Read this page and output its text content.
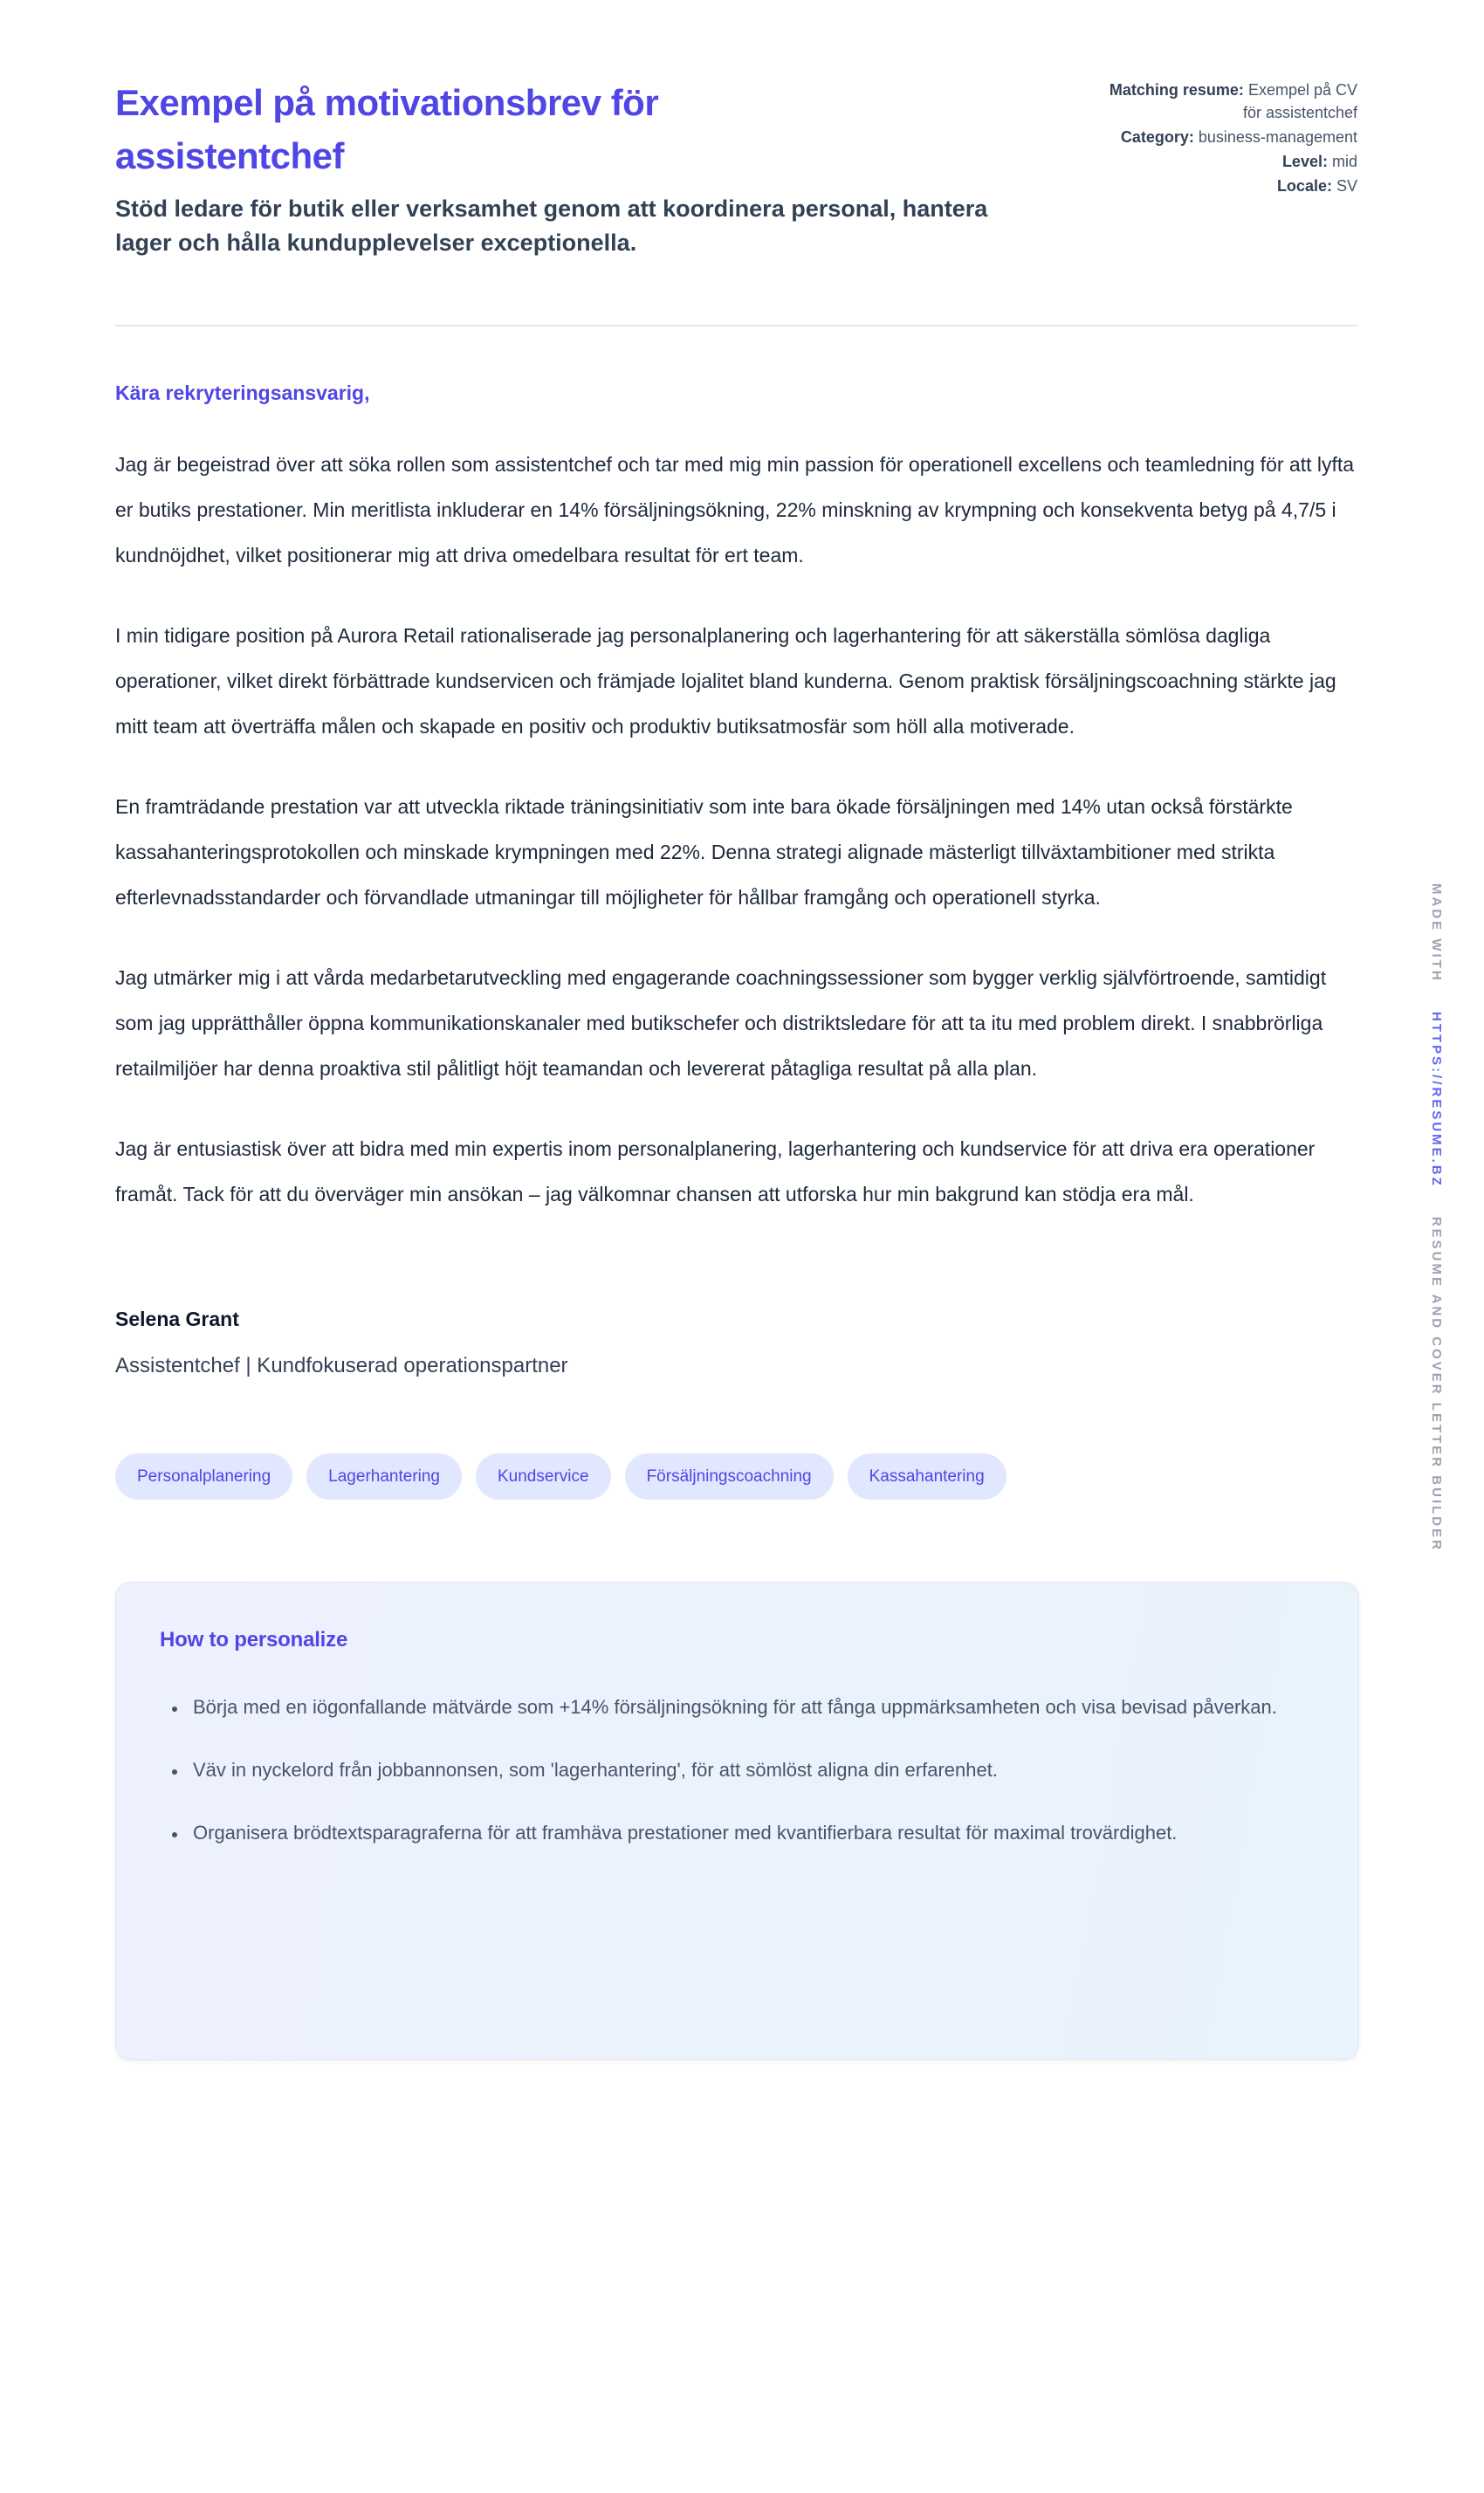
Exempel på motivationsbrev för assistentchef

Stöd ledare för butik eller verksamhet genom att koordinera personal, hantera lager och hålla kundupplevelser exceptionella.

Matching resume: Exempel på CV för assistentchef
Category: business-management
Level: mid
Locale: SV

Kära rekryteringsansvarig,

Jag är begeistrad över att söka rollen som assistentchef och tar med mig min passion för operationell excellens och teamledning för att lyfta er butiks prestationer. Min meritlista inkluderar en 14% försäljningsökning, 22% minskning av krympning och konsekventa betyg på 4,7/5 i kundnöjdhet, vilket positionerar mig att driva omedelbara resultat för ert team.

I min tidigare position på Aurora Retail rationaliserade jag personalplanering och lagerhantering för att säkerställa sömlösa dagliga operationer, vilket direkt förbättrade kundservicen och främjade lojalitet bland kunderna. Genom praktisk försäljningscoachning stärkte jag mitt team att överträffa målen och skapade en positiv och produktiv butiksatmosfär som höll alla motiverade.

En framträdande prestation var att utveckla riktade träningsinitiativ som inte bara ökade försäljningen med 14% utan också förstärkte kassahanteringsprotokollen och minskade krympningen med 22%. Denna strategi alignade mästerligt tillväxtambitioner med strikta efterlevnadsstandarder och förvandlade utmaningar till möjligheter för hållbar framgång och operationell styrka.

Jag utmärker mig i att vårda medarbetarutveckling med engagerande coachningssessioner som bygger verklig självförtroende, samtidigt som jag upprätthåller öppna kommunikationskanaler med butikschefer och distriktsledare för att ta itu med problem direkt. I snabbrörliga retailmiljöer har denna proaktiva stil pålitligt höjt teamandan och levererat påtagliga resultat på alla plan.

Jag är entusiastisk över att bidra med min expertis inom personalplanering, lagerhantering och kundservice för att driva era operationer framåt. Tack för att du överväger min ansökan – jag välkomnar chansen att utforska hur min bakgrund kan stödja era mål.

Selena Grant

Assistentchef | Kundfokuserad operationspartner

Personalplanering	Lagerhantering	Kundservice	Försäljningscoachning	Kassahantering
How to personalize
• Börja med en iögonfallande mätvärde som +14% försäljningsökning för att fånga uppmärksamheten och visa bevisad påverkan.
• Väv in nyckelord från jobbannonsen, som 'lagerhantering', för att sömlöst aligna din erfarenhet.
• Organisera brödtextsparagraferna för att framhäva prestationer med kvantifierbara resultat för maximal trovärdighet.
MADE WITH HTTPS://RESUME.BZ RESUME AND COVER LETTER BUILDER
